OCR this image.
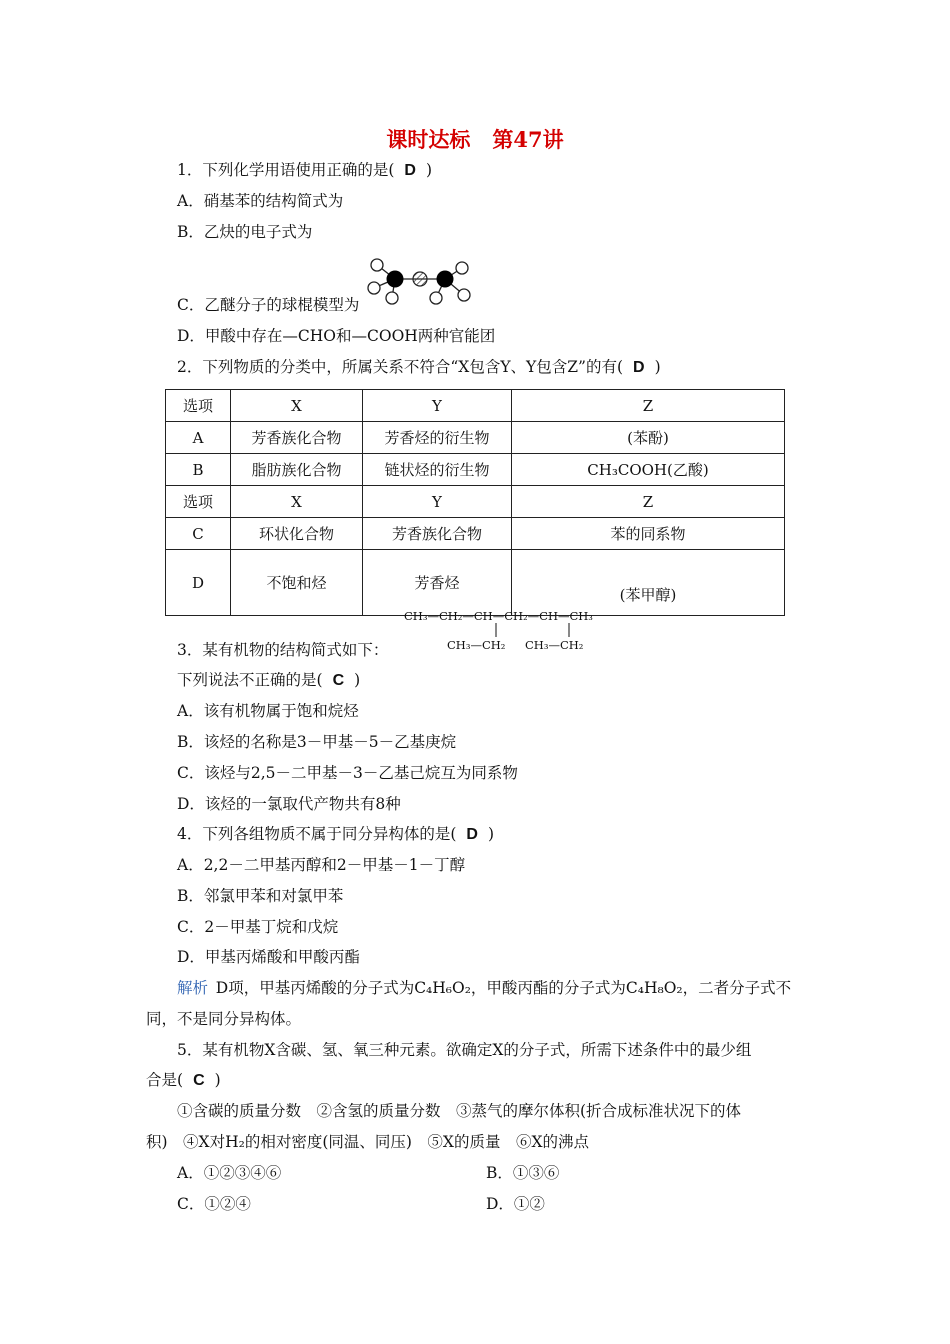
课时达标 第47讲
1．下列化学用语使用正确的是( D )
A．硝基苯的结构简式为
B．乙炔的电子式为
C．乙醚分子的球棍模型为
D．甲酸中存在—CHO和—COOH两种官能团
2．下列物质的分类中，所属关系不符合“X包含Y、Y包含Z”的有( D )
选项	X	Y	Z
A	芳香族化合物	芳香烃的衍生物	(苯酚)
B	脂肪族化合物	链状烃的衍生物	CH₃COOH(乙酸)
选项	X	Y	Z
C	环状化合物	芳香族化合物	苯的同系物
D	不饱和烃	芳香烃	(苯甲醇)
CH₃—CH₂—CH—CH₂—CH—CH₃
CH₃—CH₂ CH₃—CH₂
3．某有机物的结构简式如下：
下列说法不正确的是( C )
A．该有机物属于饱和烷烃
B．该烃的名称是3－甲基－5－乙基庚烷
C．该烃与2,5－二甲基－3－乙基己烷互为同系物
D．该烃的一氯取代产物共有8种
4．下列各组物质不属于同分异构体的是( D )
A．2,2－二甲基丙醇和2－甲基－1－丁醇
B．邻氯甲苯和对氯甲苯
C．2－甲基丁烷和戊烷
D．甲基丙烯酸和甲酸丙酯
解析  D项，甲基丙烯酸的分子式为C₄H₆O₂，甲酸丙酯的分子式为C₄H₈O₂，二者分子式不
同，不是同分异构体。
5．某有机物X含碳、氢、氧三种元素。欲确定X的分子式，所需下述条件中的最少组
合是( C )
①含碳的质量分数　②含氢的质量分数　③蒸气的摩尔体积(折合成标准状况下的体
积)　④X对H₂的相对密度(同温、同压)　⑤X的质量　⑥X的沸点
A．①②③④⑥	B．①③⑥
C．①②④	D．①②
